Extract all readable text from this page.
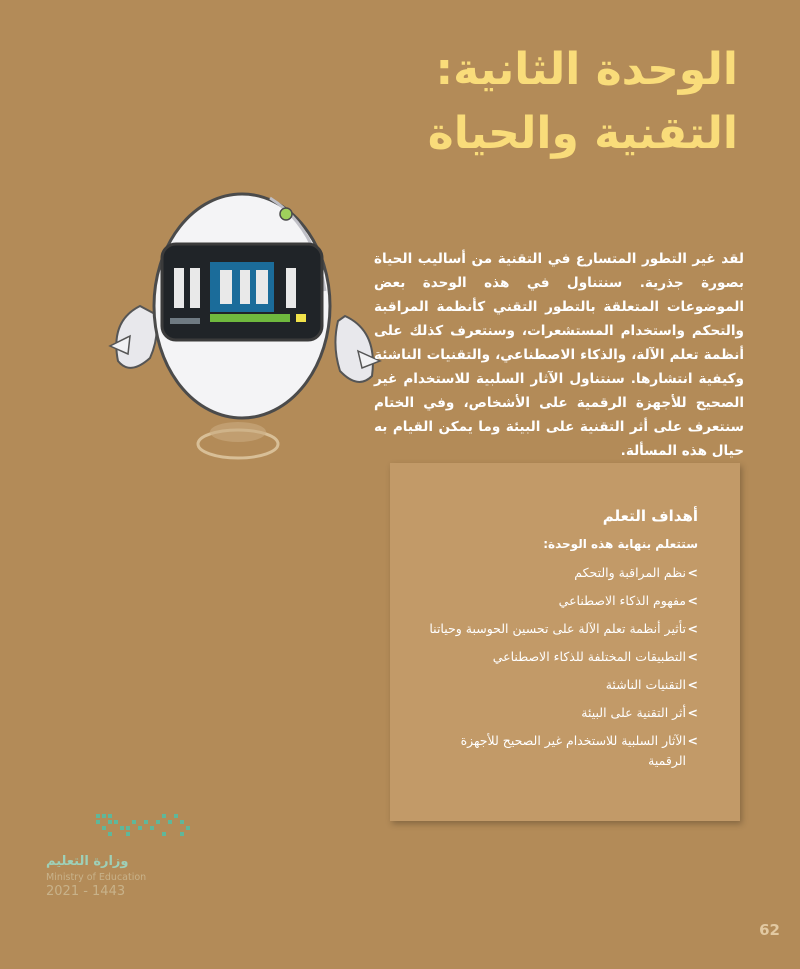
الوحدة الثانية:
التقنية والحياة

لقد غير التطور المتسارع في التقنية من أساليب الحياة بصورة جذرية. سنتناول في هذه الوحدة بعض الموضوعات المتعلقة بالتطور التقني كأنظمة المراقبة والتحكم واستخدام المستشعرات، وسنتعرف كذلك على أنظمة تعلم الآلة، والذكاء الاصطناعي، والتقنيات الناشئة وكيفية انتشارها. سنتناول الآثار السلبية للاستخدام غير الصحيح للأجهزة الرقمية على الأشخاص، وفي الختام سنتعرف على أثر التقنية على البيئة وما يمكن القيام به حيال هذه المسألة.

أهداف التعلم
ستتعلم بنهاية هذه الوحدة:
>
نظم المراقبة والتحكم
>
مفهوم الذكاء الاصطناعي
>
تأثير أنظمة تعلم الآلة على تحسين الحوسبة وحياتنا
>
التطبيقات المختلفة للذكاء الاصطناعي
>
التقنيات الناشئة
>
أثر التقنية على البيئة
>
الآثار السلبية للاستخدام غير الصحيح للأجهزة الرقمية
وزارة التعليم
Ministry of Education
2021 - 1443
62
